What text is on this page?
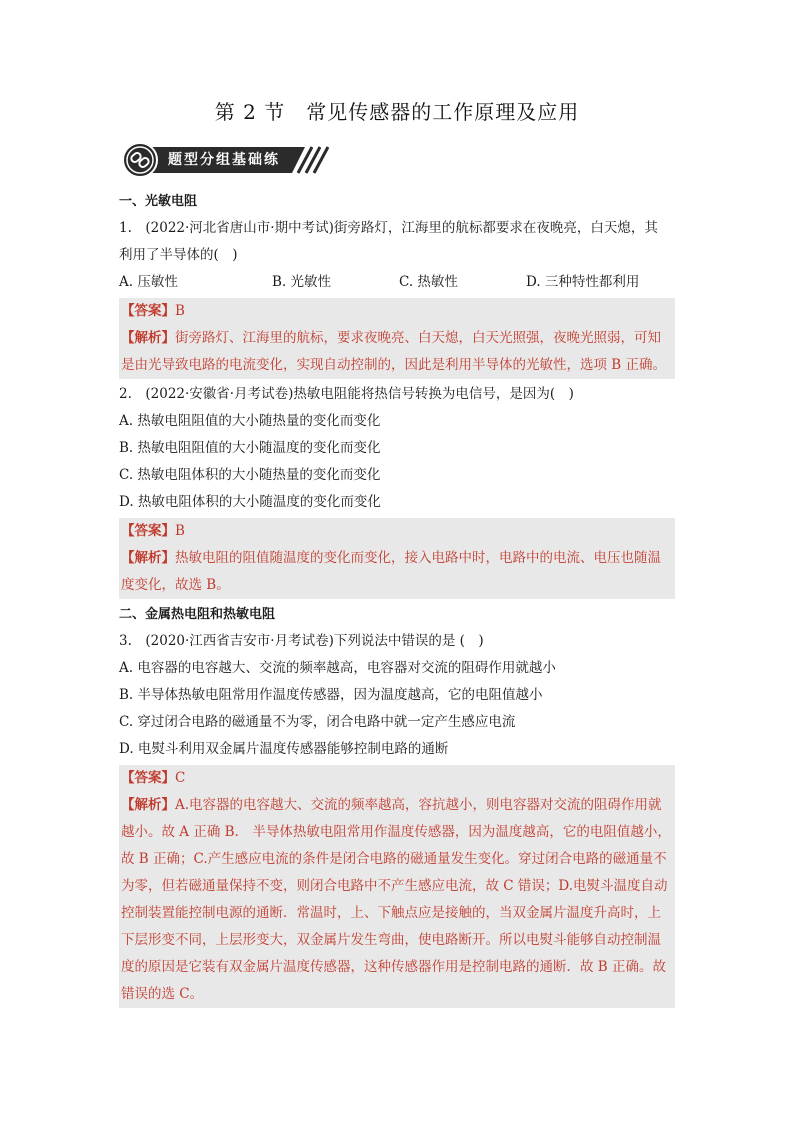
第 2 节　常见传感器的工作原理及应用
题型分组基础练
一、光敏电阻
1.　(2022·河北省唐山市·期中考试)街旁路灯，江海里的航标都要求在夜晚亮，白天熄，其
利用了半导体的(　)
A. 压敏性	B. 光敏性	C. 热敏性	D. 三种特性都利用
【答案】B
【解析】街旁路灯、江海里的航标，要求夜晚亮、白天熄，白天光照强，夜晚光照弱，可知
是由光导致电路的电流变化，实现自动控制的，因此是利用半导体的光敏性，选项 B 正确。
2.　(2022·安徽省·月考试卷)热敏电阻能将热信号转换为电信号，是因为(　)
A. 热敏电阻阻值的大小随热量的变化而变化
B. 热敏电阻阻值的大小随温度的变化而变化
C. 热敏电阻体积的大小随热量的变化而变化
D. 热敏电阻体积的大小随温度的变化而变化
【答案】B
【解析】热敏电阻的阻值随温度的变化而变化，接入电路中时，电路中的电流、电压也随温
度变化，故选 B。
二、金属热电阻和热敏电阻
3.　(2020·江西省吉安市·月考试卷)下列说法中错误的是 (　)
A. 电容器的电容越大、交流的频率越高，电容器对交流的阻碍作用就越小
B. 半导体热敏电阻常用作温度传感器，因为温度越高，它的电阻值越小
C. 穿过闭合电路的磁通量不为零，闭合电路中就一定产生感应电流
D. 电熨斗利用双金属片温度传感器能够控制电路的通断
【答案】C
【解析】A.电容器的电容越大、交流的频率越高，容抗越小，则电容器对交流的阻碍作用就
越小。故 A 正确 B.　半导体热敏电阻常用作温度传感器，因为温度越高，它的电阻值越小，
故 B 正确；C.产生感应电流的条件是闭合电路的磁通量发生变化。穿过闭合电路的磁通量不
为零，但若磁通量保持不变，则闭合电路中不产生感应电流，故 C 错误；D.电熨斗温度自动
控制装置能控制电源的通断．常温时，上、下触点应是接触的，当双金属片温度升高时，上
下层形变不同，上层形变大，双金属片发生弯曲，使电路断开。所以电熨斗能够自动控制温
度的原因是它装有双金属片温度传感器，这种传感器作用是控制电路的通断．故 B 正确。故
错误的选 C。
